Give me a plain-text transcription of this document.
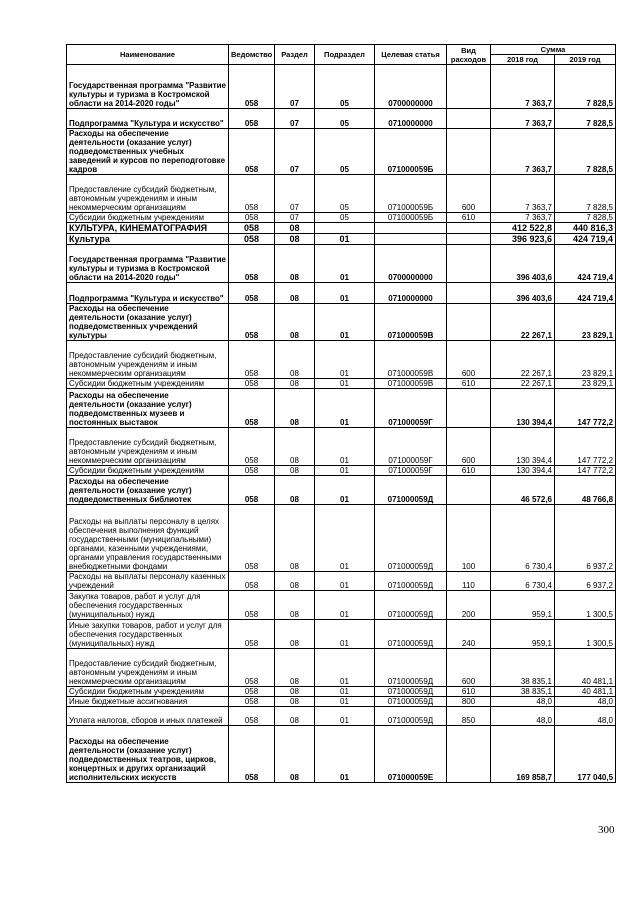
Наименование	Ведомство	Раздел	Подраздел	Целевая статья	Вид расходов	Сумма	
						2018 год	2019 год
Государственная программа "Развитие культуры и туризма в Костромской области на 2014-2020 годы"	058	07	05	0700000000		7 363,7	7 828,5
Подпрограмма "Культура и искусство"	058	07	05	0710000000		7 363,7	7 828,5
Расходы на обеспечение деятельности (оказание услуг) подведомственных учебных заведений и курсов по переподготовке кадров	058	07	05	071000059Б		7 363,7	7 828,5
Предоставление субсидий бюджетным, автономным учреждениям и иным некоммерческим организациям	058	07	05	071000059Б	600	7 363,7	7 828,5
Субсидии бюджетным учреждениям	058	07	05	071000059Б	610	7 363,7	7 828,5
КУЛЬТУРА, КИНЕМАТОГРАФИЯ	058	08				412 522,8	440 816,3
Культура	058	08	01			396 923,6	424 719,4
Государственная программа "Развитие культуры и туризма в Костромской области на 2014-2020 годы"	058	08	01	0700000000		396 403,6	424 719,4
Подпрограмма "Культура и искусство"	058	08	01	0710000000		396 403,6	424 719,4
Расходы на обеспечение деятельности (оказание услуг) подведомственных учреждений культуры	058	08	01	071000059В		22 267,1	23 829,1
Предоставление субсидий бюджетным, автономным учреждениям и иным некоммерческим организациям	058	08	01	071000059В	600	22 267,1	23 829,1
Субсидии бюджетным учреждениям	058	08	01	071000059В	610	22 267,1	23 829,1
Расходы на обеспечение деятельности (оказание услуг) подведомственных музеев и постоянных выставок	058	08	01	071000059Г		130 394,4	147 772,2
Предоставление субсидий бюджетным, автономным учреждениям и иным некоммерческим организациям	058	08	01	071000059Г	600	130 394,4	147 772,2
Субсидии бюджетным учреждениям	058	08	01	071000059Г	610	130 394,4	147 772,2
Расходы на обеспечение деятельности (оказание услуг) подведомственных библиотек	058	08	01	071000059Д		46 572,6	48 766,8
Расходы на выплаты персоналу в целях обеспечения выполнения функций государственными (муниципальными) органами, казенными учреждениями, органами управления государственными внебюджетными фондами	058	08	01	071000059Д	100	6 730,4	6 937,2
Расходы на выплаты персоналу казенных учреждений	058	08	01	071000059Д	110	6 730,4	6 937,2
Закупка товаров, работ и услуг для обеспечения государственных (муниципальных) нужд	058	08	01	071000059Д	200	959,1	1 300,5
Иные закупки товаров, работ и услуг для обеспечения государственных (муниципальных) нужд	058	08	01	071000059Д	240	959,1	1 300,5
Предоставление субсидий бюджетным, автономным учреждениям и иным некоммерческим организациям	058	08	01	071000059Д	600	38 835,1	40 481,1
Субсидии бюджетным учреждениям	058	08	01	071000059Д	610	38 835,1	40 481,1
Иные бюджетные ассигнования	058	08	01	071000059Д	800	48,0	48,0
Уплата налогов, сборов и иных платежей	058	08	01	071000059Д	850	48,0	48,0
Расходы на обеспечение деятельности (оказание услуг) подведомственных театров, цирков, концертных и других организаций исполнительских искусств	058	08	01	071000059Е		169 858,7	177 040,5
300
